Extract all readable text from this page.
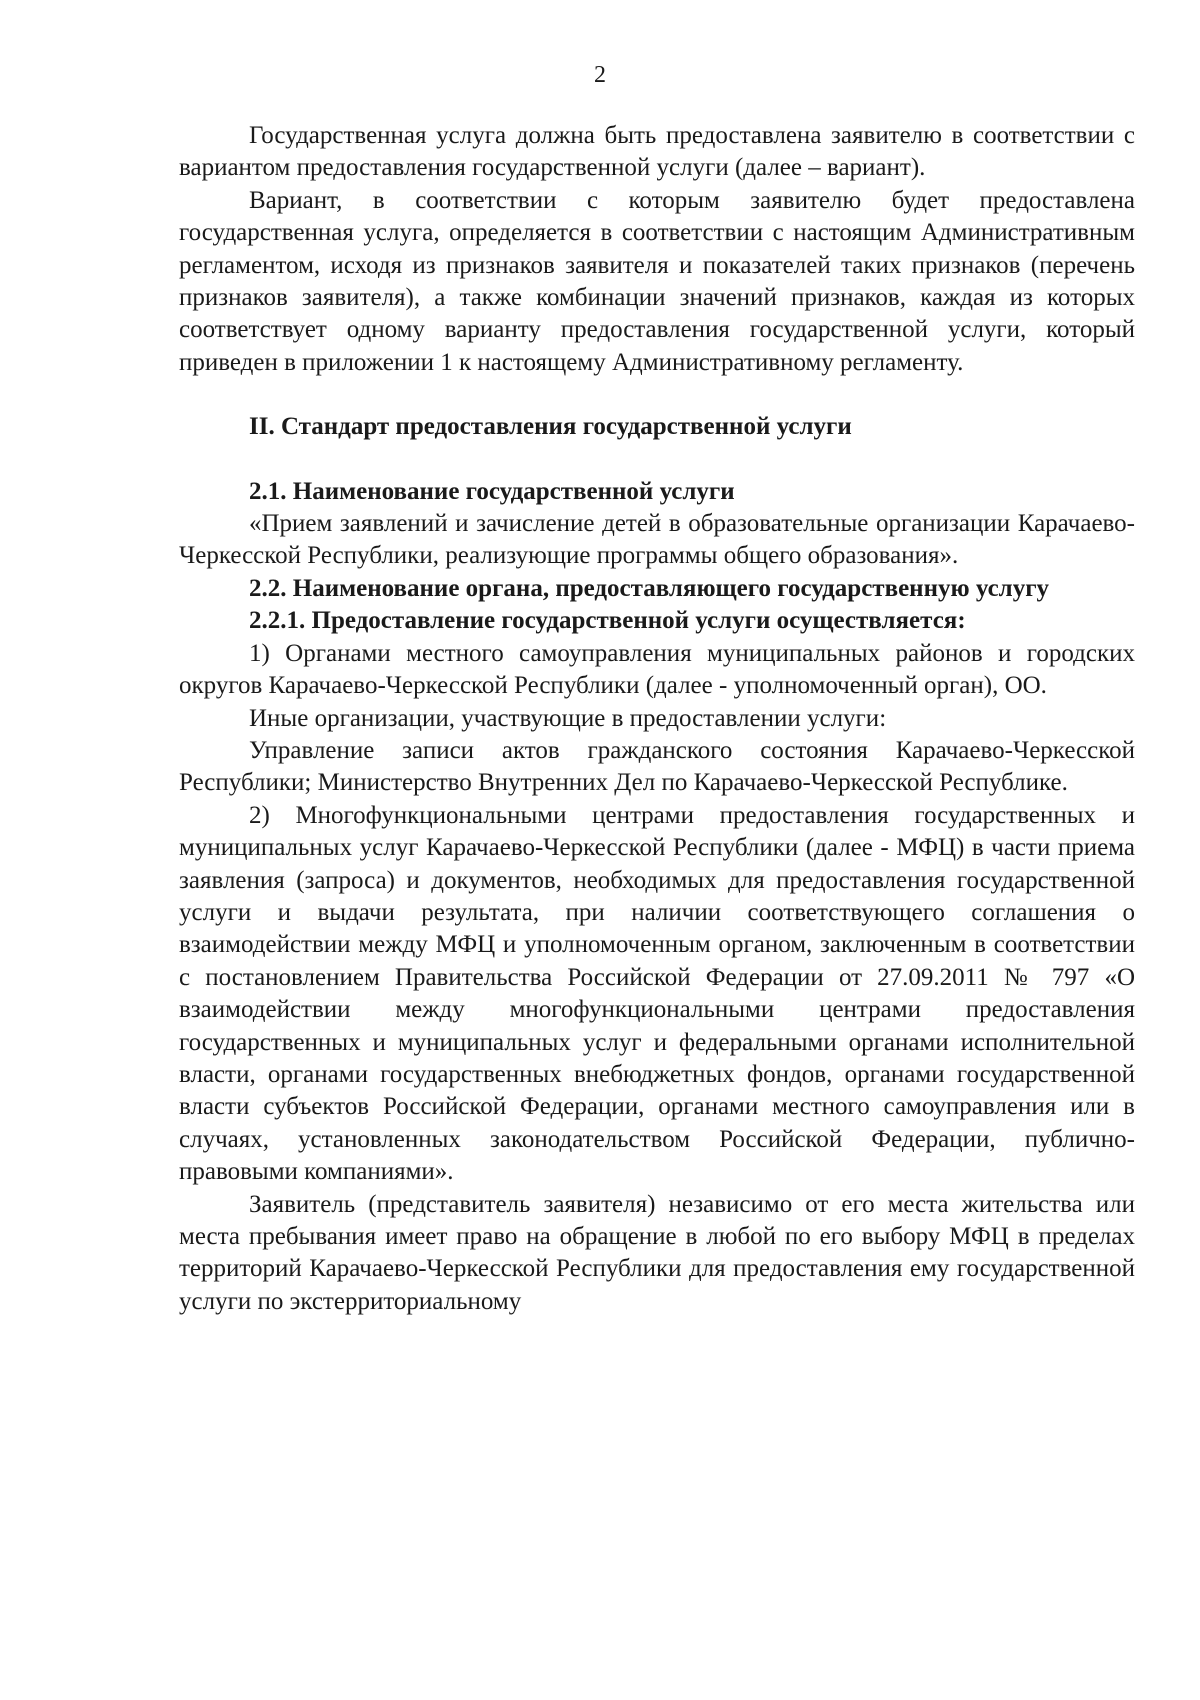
2

Государственная услуга должна быть предоставлена заявителю в соответствии с вариантом предоставления государственной услуги (далее – вариант).

Вариант, в соответствии с которым заявителю будет предоставлена государственная услуга, определяется в соответствии с настоящим Административным регламентом, исходя из признаков заявителя и показателей таких признаков (перечень признаков заявителя), а также комбинации значений признаков, каждая из которых соответствует одному варианту предоставления государственной услуги, который приведен в приложении 1 к настоящему Административному регламенту.

II. Стандарт предоставления государственной услуги

2.1. Наименование государственной услуги

«Прием заявлений и зачисление детей в образовательные организации Карачаево-Черкесской Республики, реализующие программы общего образования».

2.2. Наименование органа, предоставляющего государственную услугу

2.2.1. Предоставление государственной услуги осуществляется:

1) Органами местного самоуправления муниципальных районов и городских округов Карачаево-Черкесской Республики (далее - уполномоченный орган), ОО.

Иные организации, участвующие в предоставлении услуги:

Управление записи актов гражданского состояния Карачаево-Черкесской Республики; Министерство Внутренних Дел по Карачаево-Черкесской Республике.

2) Многофункциональными центрами предоставления государственных и муниципальных услуг Карачаево-Черкесской Республики (далее - МФЦ) в части приема заявления (запроса) и документов, необходимых для предоставления государственной услуги и выдачи результата, при наличии соответствующего соглашения о взаимодействии между МФЦ и уполномоченным органом, заключенным в соответствии с постановлением Правительства Российской Федерации от 27.09.2011 № 797 «О взаимодействии между многофункциональными центрами предоставления государственных и муниципальных услуг и федеральными органами исполнительной власти, органами государственных внебюджетных фондов, органами государственной власти субъектов Российской Федерации, органами местного самоуправления или в случаях, установленных законодательством Российской Федерации, публично-правовыми компаниями».

Заявитель (представитель заявителя) независимо от его места жительства или места пребывания имеет право на обращение в любой по его выбору МФЦ в пределах территорий Карачаево-Черкесской Республики для предоставления ему государственной услуги по экстерриториальному
